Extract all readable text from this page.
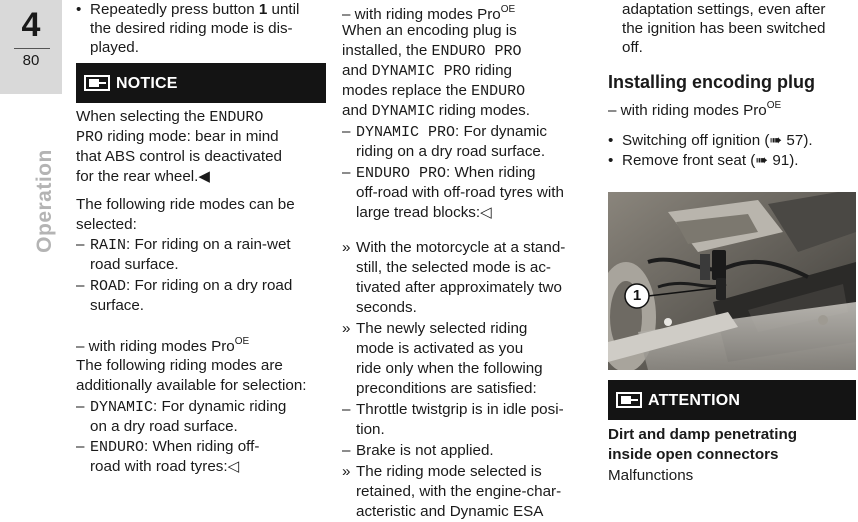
4
80
Operation
• Repeatedly press button 1 until
the desired riding mode is dis-
played.
NOTICE
When selecting the ENDURO
PRO riding mode: bear in mind
that ABS control is deactivated
for the rear wheel.◀
The following ride modes can be
selected:
– RAIN: For riding on a rain-wet
road surface.
– ROAD: For riding on a dry road
surface.
– with riding modes Pro$^{OE}$
The following riding modes are
additionally available for selection:
– DYNAMIC: For dynamic riding
on a dry road surface.
– ENDURO: When riding off-
road with road tyres:◁
– with riding modes Pro$^{OE}$
When an encoding plug is
installed, the ENDURO PRO
and DYNAMIC PRO riding
modes replace the ENDURO
and DYNAMIC riding modes.
– DYNAMIC PRO: For dynamic
riding on a dry road surface.
– ENDURO PRO: When riding
off-road with off-road tyres with
large tread blocks:◁
» With the motorcycle at a stand-
still, the selected mode is ac-
tivated after approximately two
seconds.
» The newly selected riding
mode is activated as you
ride only when the following
preconditions are satisfied:
– Throttle twistgrip is in idle posi-
tion.
– Brake is not applied.
» The riding mode selected is
retained, with the engine-char-
acteristic and Dynamic ESA
adaptation settings, even after
the ignition has been switched
off.
Installing encoding plug
– with riding modes Pro$^{OE}$
• Switching off ignition (➠ 57).
• Remove front seat (➠ 91).
1
ATTENTION
Dirt and damp penetrating
inside open connectors
Malfunctions
